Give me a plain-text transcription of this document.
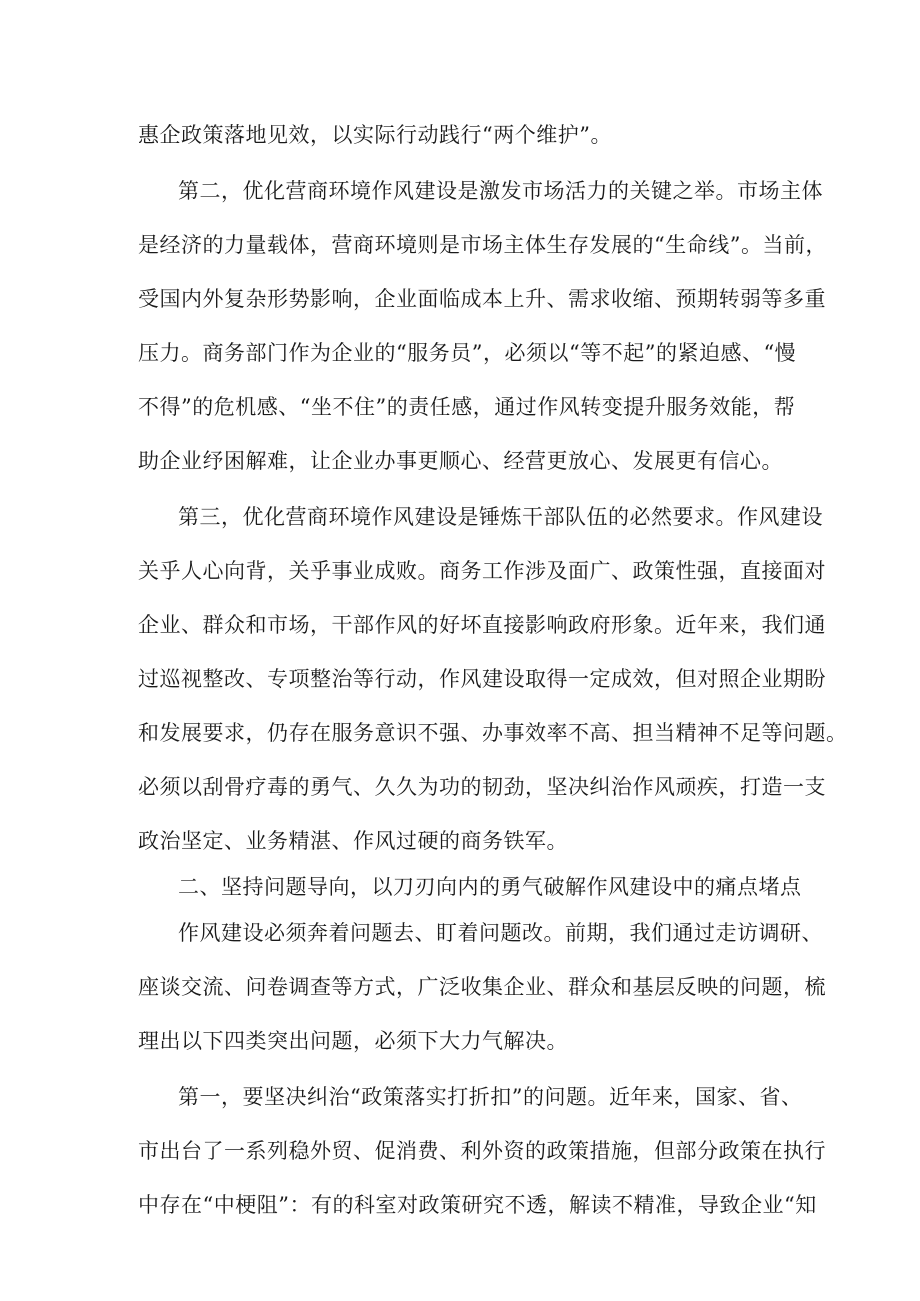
惠企政策落地见效，以实际行动践行“两个维护”。
第二，优化营商环境作风建设是激发市场活力的关键之举。市场主体
是经济的力量载体，营商环境则是市场主体生存发展的“生命线”。当前，
受国内外复杂形势影响，企业面临成本上升、需求收缩、预期转弱等多重
压力。商务部门作为企业的“服务员”，必须以“等不起”的紧迫感、“慢
不得”的危机感、“坐不住”的责任感，通过作风转变提升服务效能，帮
助企业纾困解难，让企业办事更顺心、经营更放心、发展更有信心。
第三，优化营商环境作风建设是锤炼干部队伍的必然要求。作风建设
关乎人心向背，关乎事业成败。商务工作涉及面广、政策性强，直接面对
企业、群众和市场，干部作风的好坏直接影响政府形象。近年来，我们通
过巡视整改、专项整治等行动，作风建设取得一定成效，但对照企业期盼
和发展要求，仍存在服务意识不强、办事效率不高、担当精神不足等问题。
必须以刮骨疗毒的勇气、久久为功的韧劲，坚决纠治作风顽疾，打造一支
政治坚定、业务精湛、作风过硬的商务铁军。
二、坚持问题导向，以刀刃向内的勇气破解作风建设中的痛点堵点
作风建设必须奔着问题去、盯着问题改。前期，我们通过走访调研、
座谈交流、问卷调查等方式，广泛收集企业、群众和基层反映的问题，梳
理出以下四类突出问题，必须下大力气解决。
第一，要坚决纠治“政策落实打折扣”的问题。近年来，国家、省、
市出台了一系列稳外贸、促消费、利外资的政策措施，但部分政策在执行
中存在“中梗阻”：有的科室对政策研究不透，解读不精准，导致企业“知
